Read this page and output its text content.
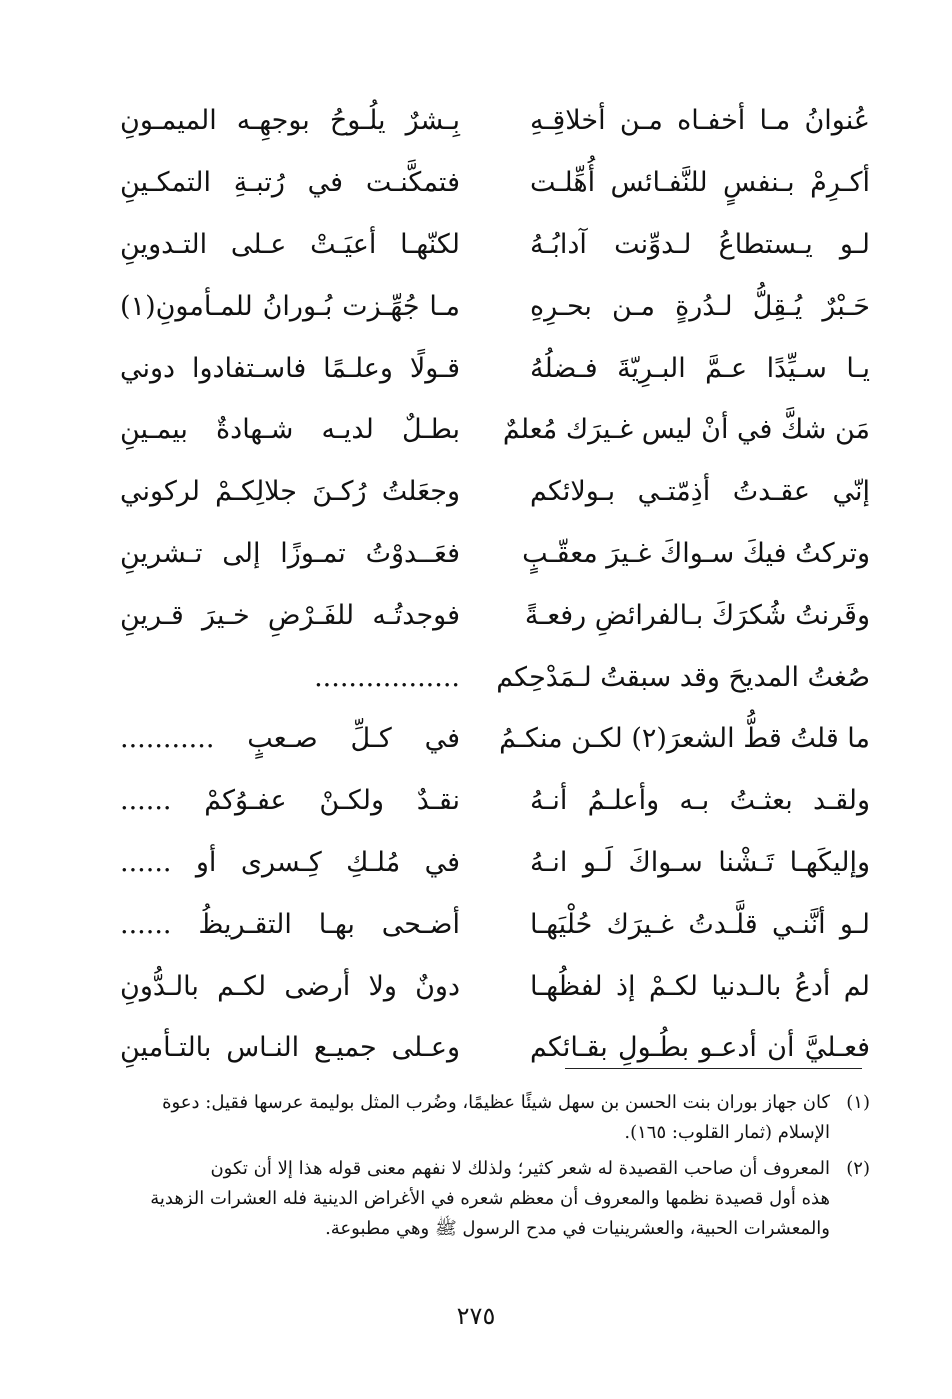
عُنوانُ مـا أخفـاه مـن أخلاقِـهِ
بِـشرٌ يلُـوحُ بوجهِـه الميمـونِ
أكـرِمْ بـنفسٍ للنَّفـائس أُهِّلـت
فتمكَّنـت في رُتبـةِ التمكـينِ
لـو يـستطاعُ لـدوِّنت آدابُـهُ
لكنّهـا أعيَـتْ عـلى التـدوينِ
حَـبْرٌ يُـقِلُّ لـدُرةٍ مـن بحـرِهِ
مـا جُهِّـزت بُـورانُ للمـأمونِ(١)
يـا سـيِّدًا عـمَّ البـرِيّةَ فـضلُهُ
قـولًا وعلـمًا فاسـتفادوا دوني
مَن شكَّ في أنْ ليس غـيرَك مُعلمٌ
بطـلٌ لديـه شـهادةٌ بيمـينِ
إنّي عقـدتُ أذِمّتـي بـولائكم
وجعَلتُ رُكـنَ جلالِكـمْ لركوني
وتركتُ فيكَ سـواكَ غـيرَ معقّـبٍ
فعَــدوْتُ تمـوزًا إلى تـشرينِ
وقَرنتُ شُكرَكَ بـالفرائضِ رفعـةً
فوجدتُـه للفَـرْضِ خـيرَ قـرينِ
صُغتُ المديحَ وقد سبقتُ لـمَدْحِكم
.................
ما قلتُ قطُّ الشعرَ(٢) لكـن منكـمُ
في كـلِّ صـعبٍ ...........
ولقـد بعثـتُ بـه وأعلـمُ أنـهُ
نقـدٌ ولكـنْ عفـوُكمْ ......
وإليكَهـا تَـشْنا سـواكَ لَـو انـهُ
في مُلـكِ كِـسرى أو ......
لـو أنَّنـي قلَّـدتُ غـيرَك حُلْيَهـا
أضـحى بهـا التقـريظُ ......
لم أدعُ بالـدنيا لكـمْ إذ لفظُهـا
دونٌ ولا أرضى لكـم بالـدُّونِ
فعـليَّ أن أدعـو بطُـولِ بقـائكم
وعـلى جميـع النـاس بالتـأمينِ

(١)كان جهاز بوران بنت الحسن بن سهل شيئًا عظيمًا، وضُرب المثل بوليمة عرسها فقيل: دعوة
الإسلام (ثمار القلوب: ١٦٥).

(٢)المعروف أن صاحب القصيدة له شعر كثير؛ ولذلك لا نفهم معنى قوله هذا إلا أن تكون
هذه أول قصيدة نظمها والمعروف أن معظم شعره في الأغراض الدينية فله العشرات الزهدية
والمعشرات الحبية، والعشرينيات في مدح الرسول ﷺ وهي مطبوعة.

٢٧٥
